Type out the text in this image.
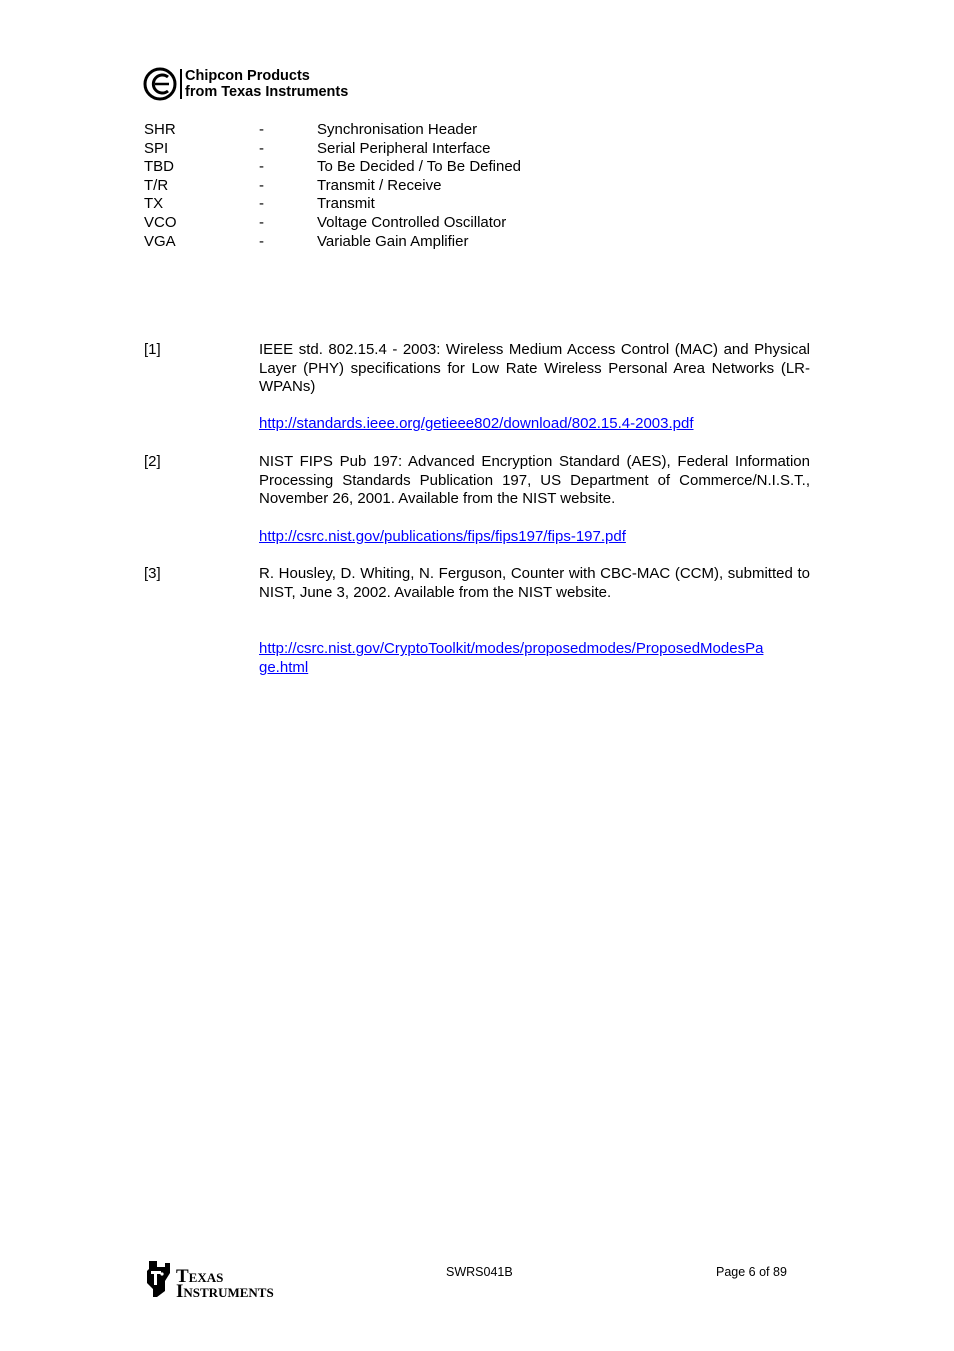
Chipcon Products
from Texas Instruments
SHR	-	Synchronisation Header
SPI	-	Serial Peripheral Interface
TBD	-	To Be Decided / To Be Defined
T/R	-	Transmit / Receive
TX	-	Transmit
VCO	-	Voltage Controlled Oscillator
VGA	-	Variable Gain Amplifier
[1]	IEEE std. 802.15.4 - 2003: Wireless Medium Access Control (MAC) and Physical Layer (PHY) specifications for Low Rate Wireless Personal Area Networks (LR-WPANs)
http://standards.ieee.org/getieee802/download/802.15.4-2003.pdf
[2]	NIST FIPS Pub 197: Advanced Encryption Standard (AES), Federal Information Processing Standards Publication 197, US Department of Commerce/N.I.S.T., November 26, 2001. Available from the NIST website.
http://csrc.nist.gov/publications/fips/fips197/fips-197.pdf
[3]	R. Housley, D. Whiting, N. Ferguson, Counter with CBC-MAC (CCM), submitted to NIST, June 3, 2002. Available from the NIST website.
http://csrc.nist.gov/CryptoToolkit/modes/proposedmodes/ProposedModesPa
ge.html
Texas
Instruments
SWRS041B	Page 6 of 89
